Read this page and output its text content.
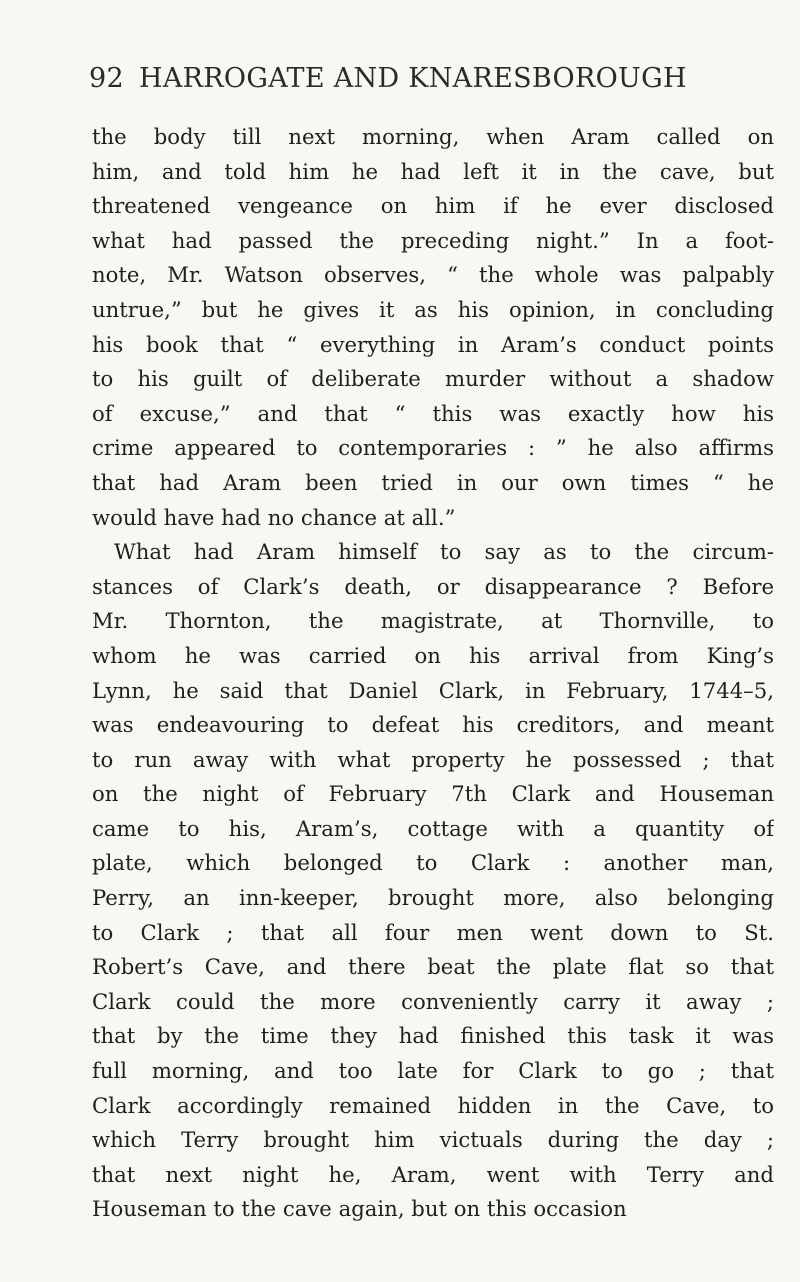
92 HARROGATE AND KNARESBOROUGH
the body till next morning, when Aram called on
him, and told him he had left it in the cave, but
threatened vengeance on him if he ever disclosed
what had passed the preceding night.” In a foot-
note, Mr. Watson observes, “ the whole was palpably
untrue,” but he gives it as his opinion, in concluding
his book that “ everything in Aram’s conduct points
to his guilt of deliberate murder without a shadow
of excuse,” and that “ this was exactly how his
crime appeared to contemporaries : ” he also affirms
that had Aram been tried in our own times “ he
would have had no chance at all.”
What had Aram himself to say as to the circum-
stances of Clark’s death, or disappearance ? Before
Mr. Thornton, the magistrate, at Thornville, to
whom he was carried on his arrival from King’s
Lynn, he said that Daniel Clark, in February, 1744–5,
was endeavouring to defeat his creditors, and meant
to run away with what property he possessed ; that
on the night of February 7th Clark and Houseman
came to his, Aram’s, cottage with a quantity of
plate, which belonged to Clark : another man,
Perry, an inn-keeper, brought more, also belonging
to Clark ; that all four men went down to St.
Robert’s Cave, and there beat the plate flat so that
Clark could the more conveniently carry it away ;
that by the time they had finished this task it was
full morning, and too late for Clark to go ; that
Clark accordingly remained hidden in the Cave, to
which Terry brought him victuals during the day ;
that next night he, Aram, went with Terry and
Houseman to the cave again, but on this occasion
